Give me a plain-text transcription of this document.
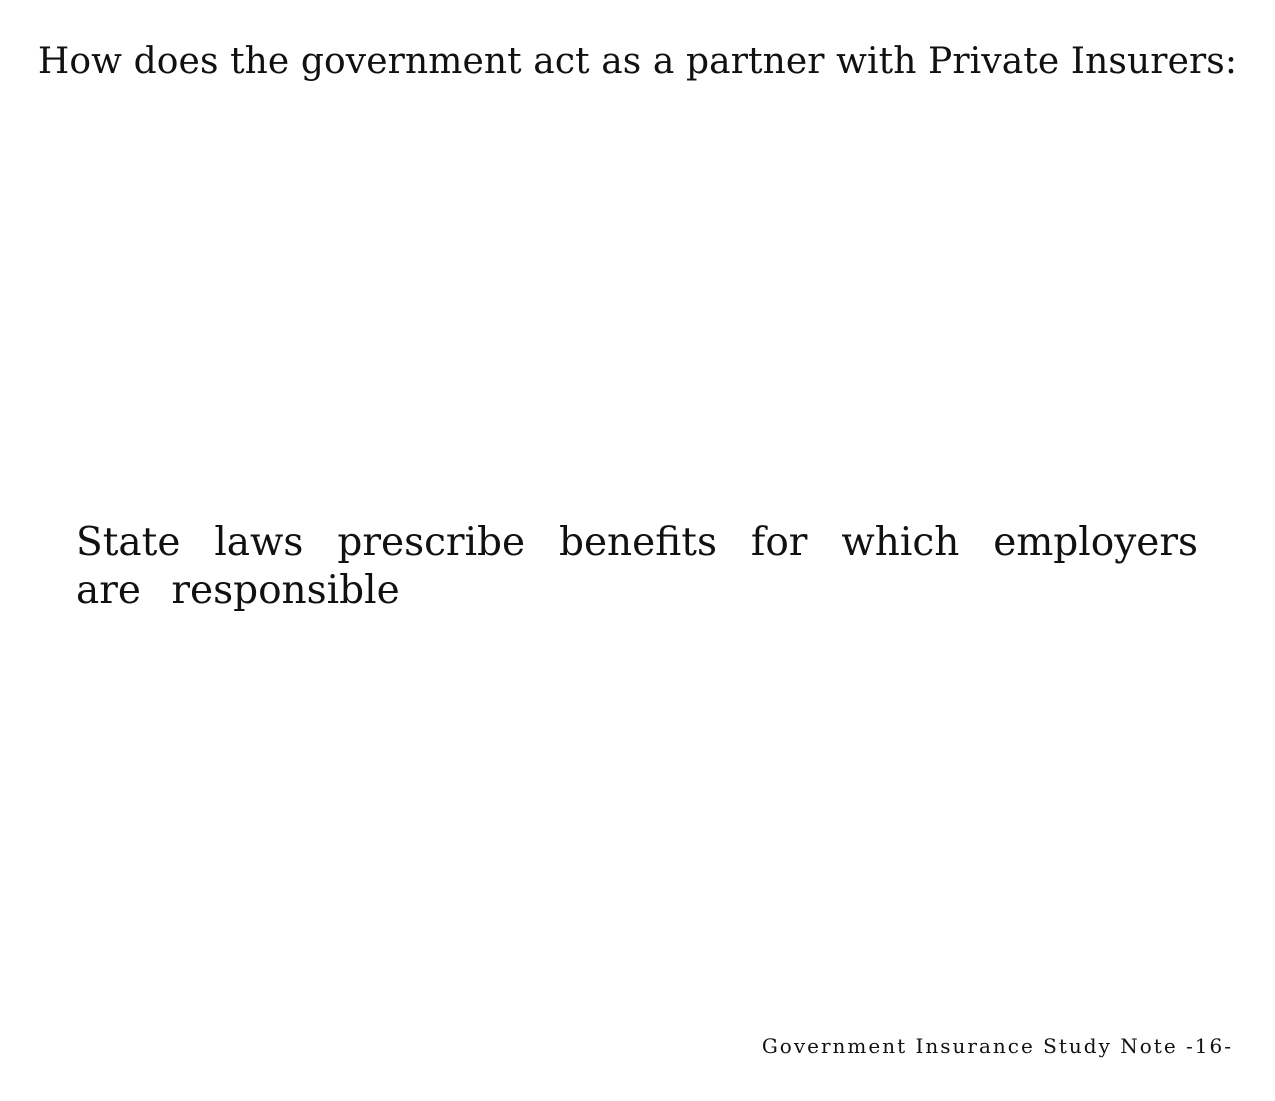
How does the government act as a partner with Private Insurers:

State laws prescribe benefits for which employers are responsible

Government Insurance Study Note -16-
